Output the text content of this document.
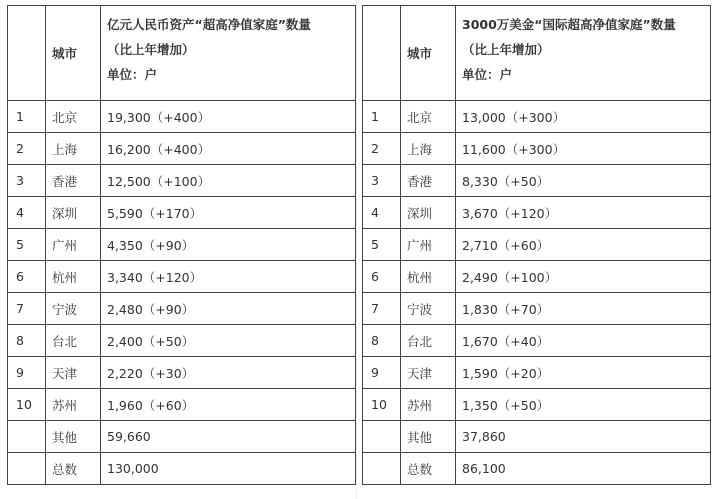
	城市	亿元人民币资产“超高净值家庭”数量
（比上年增加）
单位：户

1	北京	19,300（+400）
2	上海	16,200（+400）
3	香港	12,500（+100）
4	深圳	5,590（+170）
5	广州	4,350（+90）
6	杭州	3,340（+120）
7	宁波	2,480（+90）
8	台北	2,400（+50）
9	天津	2,220（+30）
10	苏州	1,960（+60）
	其他	59,660
	总数	130,000
	城市	3000万美金“国际超高净值家庭”数量
（比上年增加）
单位：户

1	北京	13,000（+300）
2	上海	11,600（+300）
3	香港	8,330（+50）
4	深圳	3,670（+120）
5	广州	2,710（+60）
6	杭州	2,490（+100）
7	宁波	1,830（+70）
8	台北	1,670（+40）
9	天津	1,590（+20）
10	苏州	1,350（+50）
	其他	37,860
	总数	86,100
